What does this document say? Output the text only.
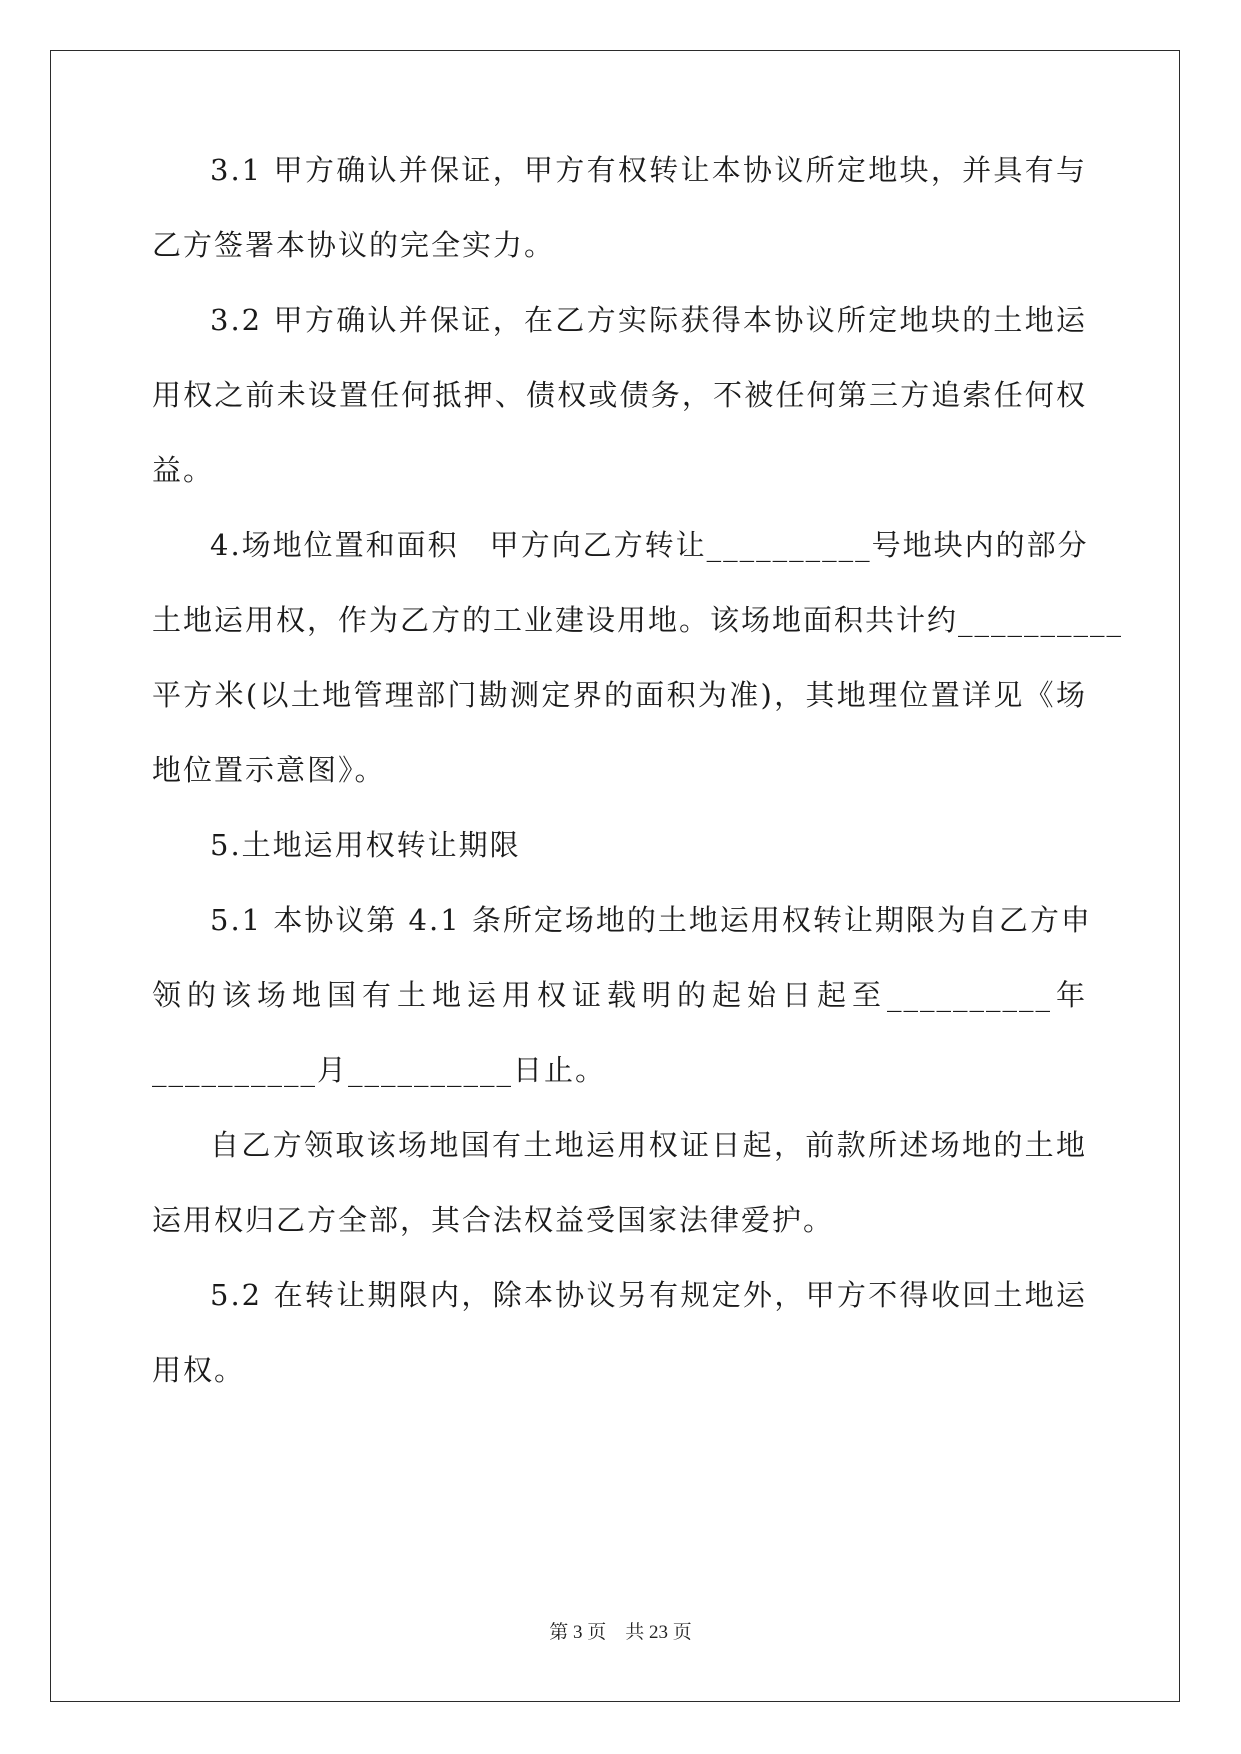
3.1 甲方确认并保证，甲方有权转让本协议所定地块，并具有与
乙方签署本协议的完全实力。
3.2 甲方确认并保证，在乙方实际获得本协议所定地块的土地运
用权之前未设置任何抵押、债权或债务，不被任何第三方追索任何权
益。
4.场地位置和面积　甲方向乙方转让__________号地块内的部分
土地运用权，作为乙方的工业建设用地。该场地面积共计约__________
平方米(以土地管理部门勘测定界的面积为准)，其地理位置详见《场
地位置示意图》。
5.土地运用权转让期限
5.1 本协议第 4.1 条所定场地的土地运用权转让期限为自乙方申
领的该场地国有土地运用权证载明的起始日起至__________年
__________月__________日止。
自乙方领取该场地国有土地运用权证日起，前款所述场地的土地
运用权归乙方全部，其合法权益受国家法律爱护。
5.2 在转让期限内，除本协议另有规定外，甲方不得收回土地运
用权。
第 3 页 共 23 页
